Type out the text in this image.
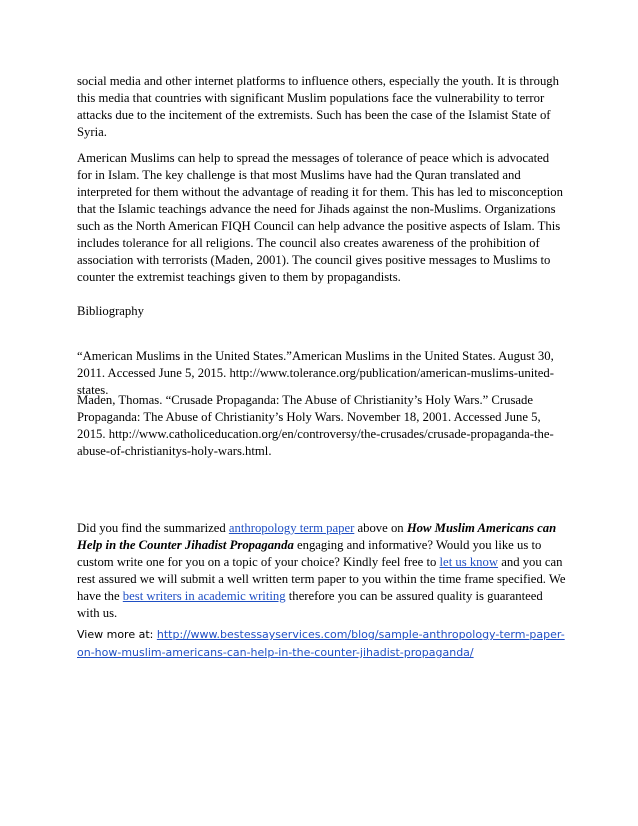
social media and other internet platforms to influence others, especially the youth. It is through this media that countries with significant Muslim populations face the vulnerability to terror attacks due to the incitement of the extremists. Such has been the case of the Islamist State of Syria.

American Muslims can help to spread the messages of tolerance of peace which is advocated for in Islam. The key challenge is that most Muslims have had the Quran translated and interpreted for them without the advantage of reading it for them. This has led to misconception that the Islamic teachings advance the need for Jihads against the non-Muslims. Organizations such as the North American FIQH Council can help advance the positive aspects of Islam. This includes tolerance for all religions. The council also creates awareness of the prohibition of association with terrorists (Maden, 2001). The council gives positive messages to Muslims to counter the extremist teachings given to them by propagandists.

Bibliography

“American Muslims in the United States.”American Muslims in the United States. August 30, 2011. Accessed June 5, 2015. http://www.tolerance.org/publication/american-muslims-united-states.

Maden, Thomas. “Crusade Propaganda: The Abuse of Christianity’s Holy Wars.” Crusade Propaganda: The Abuse of Christianity’s Holy Wars. November 18, 2001. Accessed June 5, 2015. http://www.catholiceducation.org/en/controversy/the-crusades/crusade-propaganda-the-abuse-of-christianitys-holy-wars.html.

Did you find the summarized anthropology term paper above on How Muslim Americans can Help in the Counter Jihadist Propaganda engaging and informative? Would you like us to custom write one for you on a topic of your choice? Kindly feel free to let us know and you can rest assured we will submit a well written term paper to you within the time frame specified. We have the best writers in academic writing therefore you can be assured quality is guaranteed with us.

View more at: http://www.bestessayservices.com/blog/sample-anthropology-term-paper-on-how-muslim-americans-can-help-in-the-counter-jihadist-propaganda/
